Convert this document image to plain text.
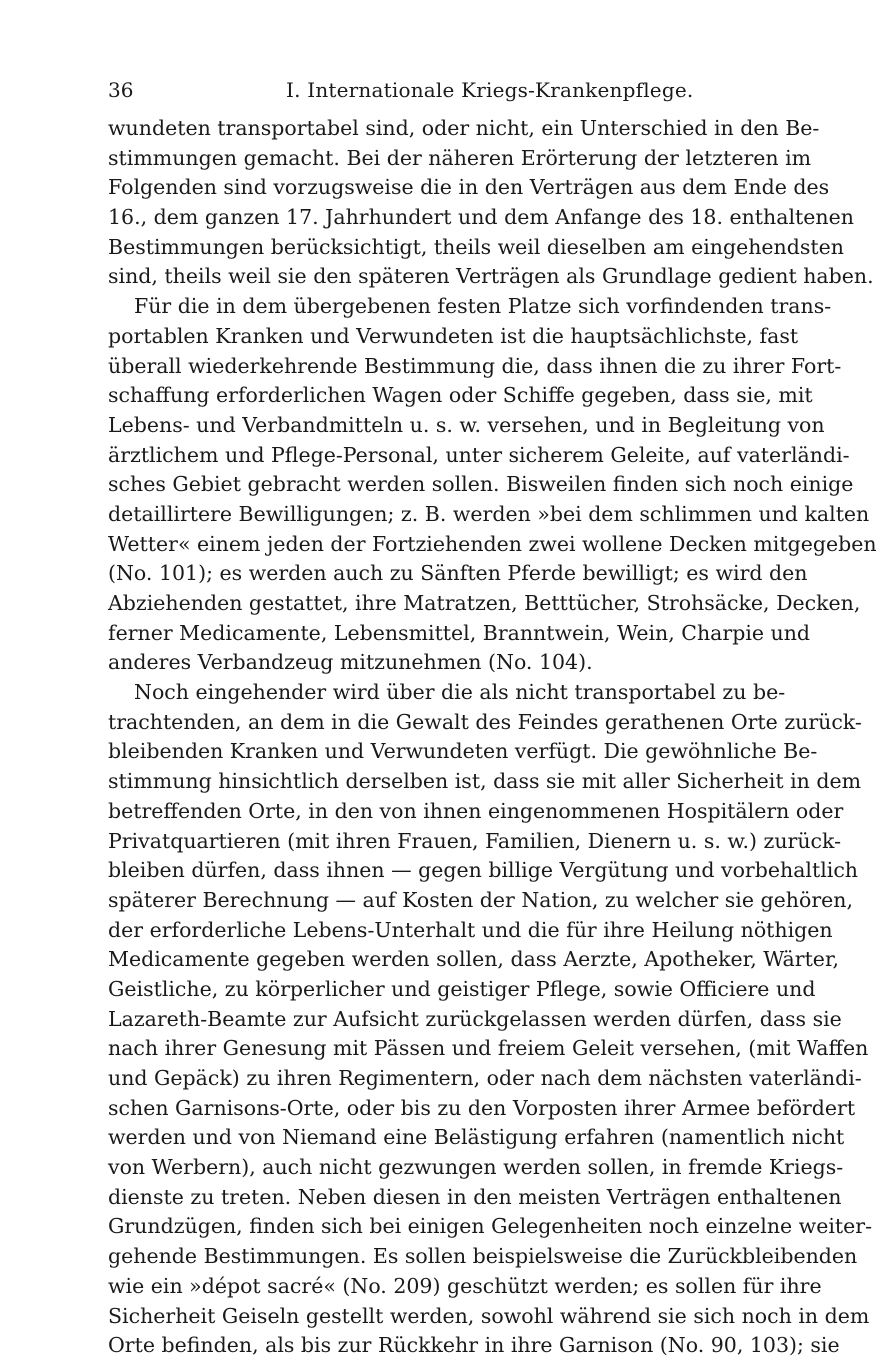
36	I. Internationale Kriegs-Krankenpflege.
wundeten transportabel sind, oder nicht, ein Unterschied in den Be-
stimmungen gemacht. Bei der näheren Erörterung der letzteren im
Folgenden sind vorzugsweise die in den Verträgen aus dem Ende des
16., dem ganzen 17. Jahrhundert und dem Anfange des 18. enthaltenen
Bestimmungen berücksichtigt, theils weil dieselben am eingehendsten
sind, theils weil sie den späteren Verträgen als Grundlage gedient haben.
Für die in dem übergebenen festen Platze sich vorfindenden trans-
portablen Kranken und Verwundeten ist die hauptsächlichste, fast
überall wiederkehrende Bestimmung die, dass ihnen die zu ihrer Fort-
schaffung erforderlichen Wagen oder Schiffe gegeben, dass sie, mit
Lebens- und Verbandmitteln u. s. w. versehen, und in Begleitung von
ärztlichem und Pflege-Personal, unter sicherem Geleite, auf vaterländi-
sches Gebiet gebracht werden sollen. Bisweilen finden sich noch einige
detaillirtere Bewilligungen; z. B. werden »bei dem schlimmen und kalten
Wetter« einem jeden der Fortziehenden zwei wollene Decken mitgegeben
(No. 101); es werden auch zu Sänften Pferde bewilligt; es wird den
Abziehenden gestattet, ihre Matratzen, Betttücher, Strohsäcke, Decken,
ferner Medicamente, Lebensmittel, Branntwein, Wein, Charpie und
anderes Verbandzeug mitzunehmen (No. 104).
Noch eingehender wird über die als nicht transportabel zu be-
trachtenden, an dem in die Gewalt des Feindes gerathenen Orte zurück-
bleibenden Kranken und Verwundeten verfügt. Die gewöhnliche Be-
stimmung hinsichtlich derselben ist, dass sie mit aller Sicherheit in dem
betreffenden Orte, in den von ihnen eingenommenen Hospitälern oder
Privatquartieren (mit ihren Frauen, Familien, Dienern u. s. w.) zurück-
bleiben dürfen, dass ihnen — gegen billige Vergütung und vorbehaltlich
späterer Berechnung — auf Kosten der Nation, zu welcher sie gehören,
der erforderliche Lebens-Unterhalt und die für ihre Heilung nöthigen
Medicamente gegeben werden sollen, dass Aerzte, Apotheker, Wärter,
Geistliche, zu körperlicher und geistiger Pflege, sowie Officiere und
Lazareth-Beamte zur Aufsicht zurückgelassen werden dürfen, dass sie
nach ihrer Genesung mit Pässen und freiem Geleit versehen, (mit Waffen
und Gepäck) zu ihren Regimentern, oder nach dem nächsten vaterländi-
schen Garnisons-Orte, oder bis zu den Vorposten ihrer Armee befördert
werden und von Niemand eine Belästigung erfahren (namentlich nicht
von Werbern), auch nicht gezwungen werden sollen, in fremde Kriegs-
dienste zu treten. Neben diesen in den meisten Verträgen enthaltenen
Grundzügen, finden sich bei einigen Gelegenheiten noch einzelne weiter-
gehende Bestimmungen. Es sollen beispielsweise die Zurückbleibenden
wie ein »dépot sacré« (No. 209) geschützt werden; es sollen für ihre
Sicherheit Geiseln gestellt werden, sowohl während sie sich noch in dem
Orte befinden, als bis zur Rückkehr in ihre Garnison (No. 90, 103); sie
